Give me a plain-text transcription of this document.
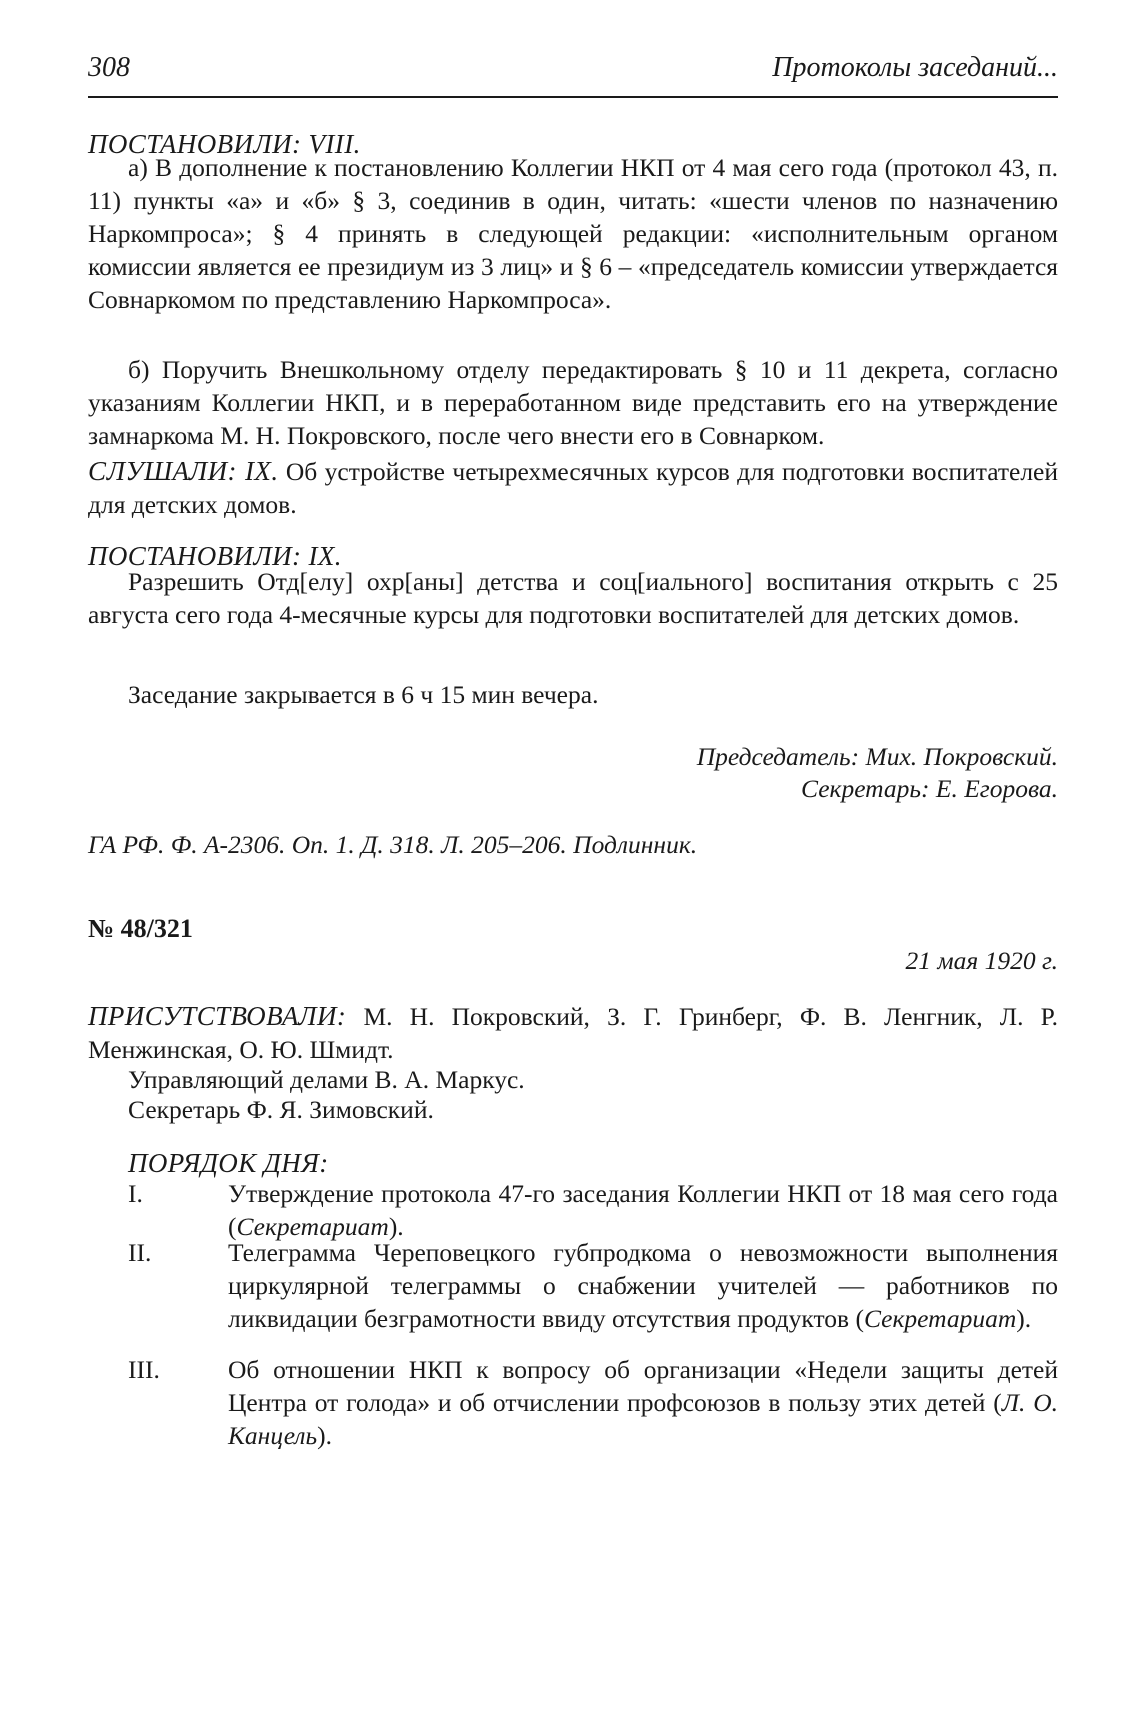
308	Протоколы заседаний...
ПОСТАНОВИЛИ: VIII.
а) В дополнение к постановлению Коллегии НКП от 4 мая сего года (протокол 43, п. 11) пункты «а» и «б» § 3, соединив в один, читать: «шести членов по назначению Наркомпроса»; § 4 принять в следующей редакции: «исполнительным органом комиссии является ее президиум из 3 лиц» и § 6 – «председатель комиссии утверждается Совнаркомом по представлению Наркомпроса».
б) Поручить Внешкольному отделу передактировать § 10 и 11 декрета, согласно указаниям Коллегии НКП, и в переработанном виде представить его на утверждение замнаркома М. Н. Покровского, после чего внести его в Совнарком.
СЛУШАЛИ: IX. Об устройстве четырехмесячных курсов для подготовки воспитателей для детских домов.
ПОСТАНОВИЛИ: IX.
Разрешить Отд[елу] охр[аны] детства и соц[иального] воспитания открыть с 25 августа сего года 4-месячные курсы для подготовки воспитателей для детских домов.
Заседание закрывается в 6 ч 15 мин вечера.
Председатель: Мих. Покровский.
Секретарь: Е. Егорова.
ГА РФ. Ф. А-2306. Оп. 1. Д. 318. Л. 205–206. Подлинник.
№ 48/321
21 мая 1920 г.
ПРИСУТСТВОВАЛИ: М. Н. Покровский, З. Г. Гринберг, Ф. В. Ленгник, Л. Р. Менжинская, О. Ю. Шмидт.
Управляющий делами В. А. Маркус.
Секретарь Ф. Я. Зимовский.
ПОРЯДОК ДНЯ:
I.	Утверждение протокола 47-го заседания Коллегии НКП от 18 мая сего года (Секретариат).
II.	Телеграмма Череповецкого губпродкома о невозможности выполнения циркулярной телеграммы о снабжении учителей — работников по ликвидации безграмотности ввиду отсутствия продуктов (Секретариат).
III.	Об отношении НКП к вопросу об организации «Недели защиты детей Центра от голода» и об отчислении профсоюзов в пользу этих детей (Л. О. Канцель).
